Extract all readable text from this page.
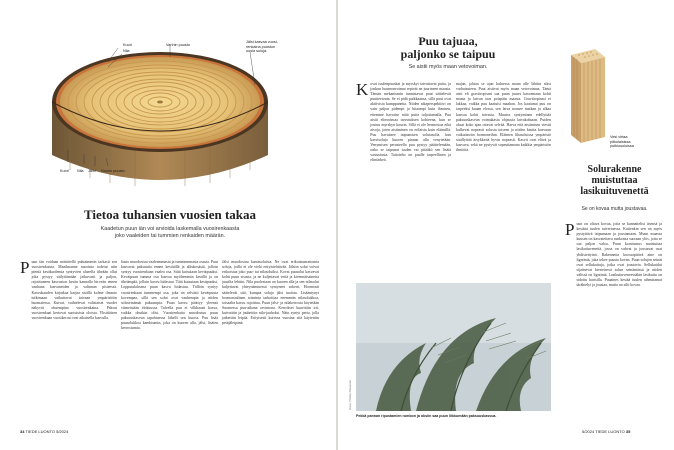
Kuori
Nila
Vanhin puusto
Jälsi kasvaa vuosi-
renkaina puuston
uusia soluja.
Kuori Nila Jälsi Nuorin puusto
Tietoa tuhansien vuosien takaa
Kaadetun puun iän voi arvioida laskemalla vuosirenkaasta
joko vaaleiden tai tummien renkaiden määrän.
P uun iän voidaan määritellä puhtaimmin tarkasti sen vuosirenkaista. Maailmanne nuorinta todetut niin pieniä kesäkuolemia syntyvien alueella tiheään ollut joka pystyy säilyttämään jatkuvasti ja paljon, rajoittuneen kasvuston kesän kannalla hirveän ennen vanhana kasvaneiden ja valinnan pisteessä. Kasvukauden kirjatkaa karjaa sisällä kolme ilmasto tutkimaan vaikuttavat taivaan ympäristöön huomatessa. Kuivat, vaihtelevat valistaiset vuodet näkyvät ohuempina vuosirenkaina. Paksut vuosirenkaat kertovat suotuisista oloista. Yksittäisen vuosirenkaan vuosikerrat ovat aikaisella kasvulla.

kasto muodostuu vaaleammasta ja tummemmasta osasta. Puut kasvavat paksuutta ennen kevätällä ja alkukesästä, jolloin syntyy vuosirenkaan vaalea osa. Siitä kutsutaan kevätpuuksi. Kevätpuun tumma osa kasvaa myöhemmin kesällä ja on tiheämpää, jolloin kasvu hidastuu. Tätä kutsutaan kesäpuuksi. Lopputuloksena puun kasvu hidastuu. Tällöin syntyy vuosirenkaan tummempi osa, joka on selvästi kevätpuuta kovempaa, sillä sen solut ovat vanhempia ja niiden soluseinämät paksumpia. Puun kasvu päättyy yleensä viimeistään elokuussa. Talvella puu ei vilkkaasti kasva, vaikka ohutkin olisi. Vuosirenkaita muodostuu puun paksuuskasvun tapahtuessa lähelli sen kuorta. Puu lisää puusolukkoa kambiumin, joka on kuoren alla, jälsi, lisäten kerrostumia.

Jälsi muodostuu kantasoluista. Ne ovat erikoistumattomia soluja, joilla ei ole vielä erityistehtävää. Jälsiin solut voivat erikoistua joko puu- tai nilasoluiksi. Kovat puusolut kasvavat kohti puun sisusta, ja ne kuljettavat vettä ja kivennäisaineita juurilta lehtiin. Nila puolestaan on kuoren alla ja sen nilasolut kuljettavat yhteyttämisessä syntyneet sokerit. Hormonit säätelevät sitä, kumpia soluja jälsi tuottaa. Lisääntynyt hormonaalinen toiminta tarkoittaa enemmän nilasolukkoa, toisaalta kasvu rajoittuu. Puun jälsi- ja nilakerrosta käytetään Suomessa puu-aikana ravintona. Kerrokset kuorittiin irti, kuivattiin ja jauhettiin nila-jauhoksi. Näin syntyi pettu, jolla jatkettiin leipää. Erityisesti kuivina vuosina sitä käytettiin petäjäleipänä.

34 TIEDE LUONTO 5/2024
Puu tajuaa,
paljonko se taipuu
Se aistii myös maan vetovoiman.
K ovat tuulenpuuskat ja myrskyt taivuttavat puita, ja jonkun luonnonvoimat repivät ne juurineen maasta. Tämän mekanismin tunnistavat puut säätelevät puutteetonta. Se ei pidä paikkaansa, sillä puut ovat aktiivisia kumppaneita. Niiden aikaperspektiivi on vain paljon pidempi ja hitaampi kuin ihmisen, ettemme havaitse niitä puita tuljottamalla. Puu aistii elinvoimaa taivutuksen kohteena, kun se joutuu myrskyn kourin. Sillä ei ole hermostoa eikä aivoja, joten aistiminen on erilaista kuin eläimillä. Puu havaitsee taipumisen solutasolla, kun kasvisoluja kuoren pinnan alla venytetään. Venymisen perusteella puu pystyy päättelemään, onko se taipunut tuulen vai pitääkö sen lisätä vastustusta. Taitoteho on puulle tarpeellinen ja elintärkeä.

majan, johtaa se ajan kuluessa maan alle lähtiin siksi varhaisuteen. Puut aistivat myös maan vetovoimaa. Tämä aisti eli gravitropismi saa puun juuret kasvamaan kohti maata ja latvan taas poispäin maasta. Gravitropismi ei lakkaa, vaikka puu kaatuisi maahan. Jos kaatunut puu on tarpeeksi kauan elossa, sen latva nousee matkan ja alkaa kasvaa kohti taivasta. Muutos syntyminen edellyttää paksuuskasvun voimakasta ohjausta latvakohtaan. Puiden oksat koko ajan ottavat selvää. Harva että aistimisen viestit kulkevat nopeasti solusta toiseen ja niiden kautta kasvuun vaikuttaviin hormoneihin. Eläimen lihasoluissa ympäristö sisällyttää ärsykkeitä hyvin nopeasti. Kasvit ovat elävä ja kasvava, sekä ne pystyvät sopeuttamaan kaikkia ympäristön ilmiöitä.

Kuva: Pekka Rissanen
Pekkä pannan ripustamien rumbon ja oksiin saa puun liikkumään paksuuskasvua.
Vesi virtaa
pitkulaisissa
putkiosoluissa
Solurakenne
muistuttaa
lasikuituvenettä
Se on kovaa mutta joustavaa.
P uun on oltava kovaa, jotta se kannattelisi itsensä ja kestäisi tuulen tuivertaessa. Kuitenkin sen on myös pystyttävä taipumaan ja joustamaan. Muun muassa kuusen on kasvatettava runkonsa suoraan ylös, jotta se saa paljon valoa. Puun koostumus muistuttaa lasikuituvenettä, jossa on vahvat ja joustavat osat yhdistettyinä. Rakennetta koossapitävä aine on ligniiniä, joka tekee puusta kovan. Puun solujen seinät ovat sellukuituja, jotka ovat joustavia. Sellukuidut sijaitsevat kierteisesti solun seinämässä ja niiden välissä on ligniiniä. Lasikuituveneessäkin lasikuitu on sidottu hartsilla. Puuaines kestää tuulen aiheuttamat tärähtelyt ja joustaa, mutta on silti kovaa.

5/2024 TIEDE LUONTO 35
